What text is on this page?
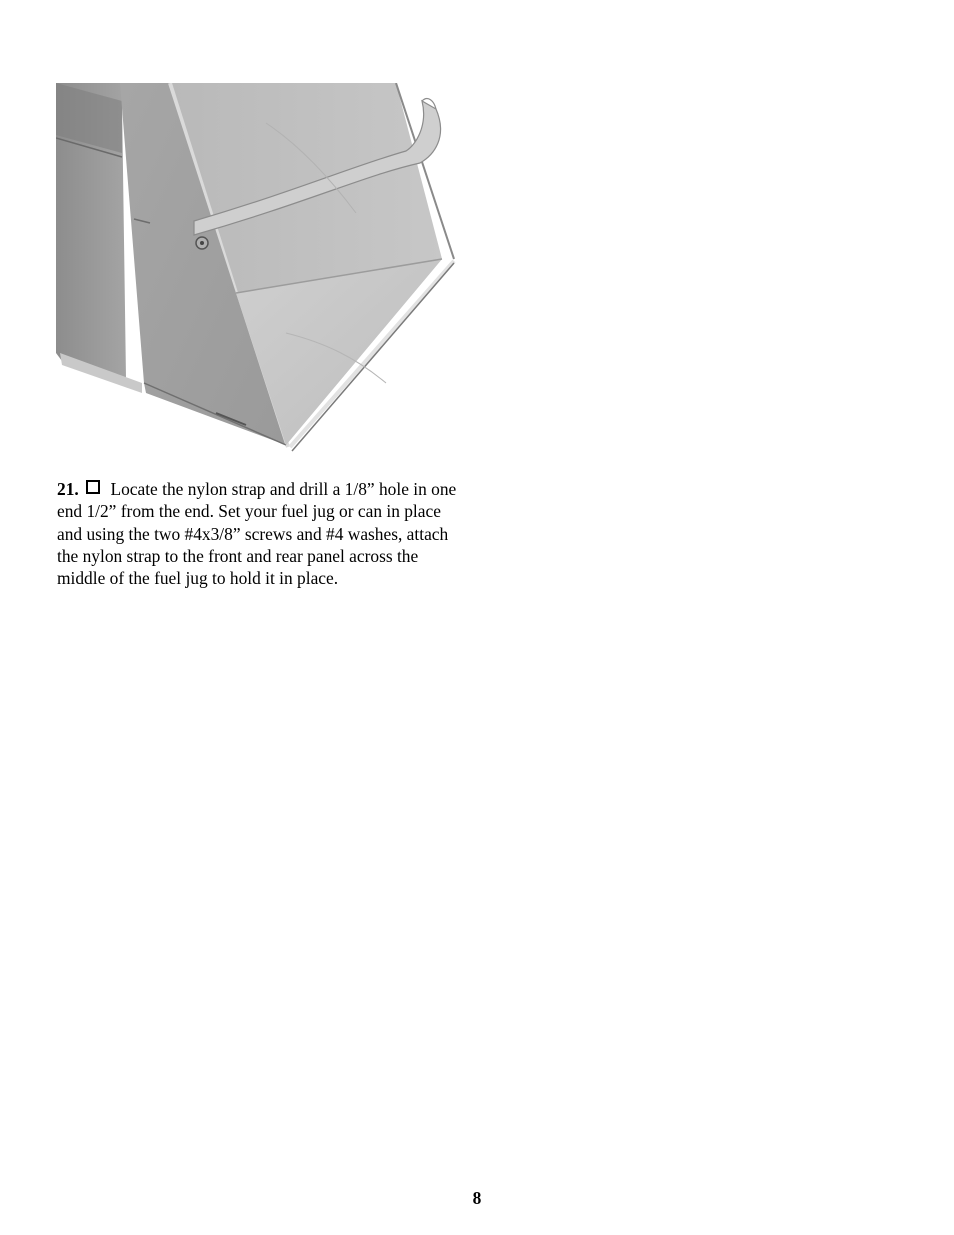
21. Locate the nylon strap and drill a 1/8” hole in one end 1/2” from the end. Set your fuel jug or can in place and using the two #4x3/8” screws and #4 washes, attach the nylon strap to the front and rear panel across the middle of the fuel jug to hold it in place.
8
